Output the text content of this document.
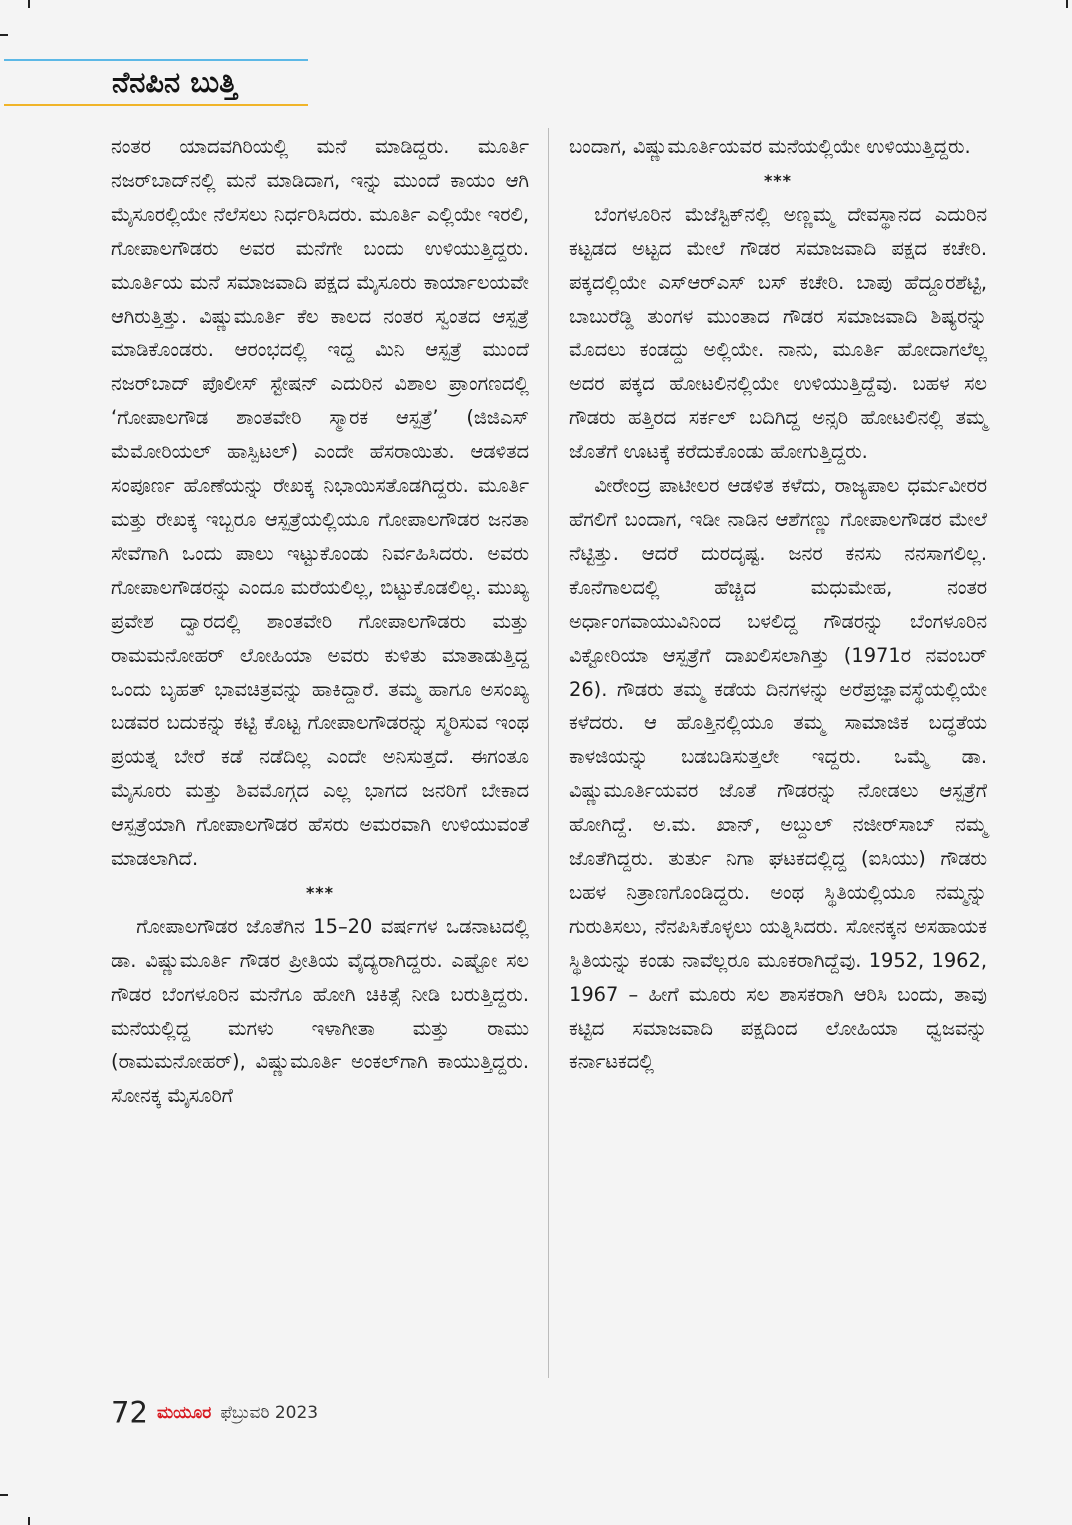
ನೆನಪಿನ ಬುತ್ತಿ

ನಂತರ ಯಾದವಗಿರಿಯಲ್ಲಿ ಮನೆ ಮಾಡಿದ್ದರು. ಮೂರ್ತಿ ನಜರ್‌ಬಾದ್‌ನಲ್ಲಿ ಮನೆ ಮಾಡಿದಾಗ, ಇನ್ನು ಮುಂದೆ ಕಾಯಂ ಆಗಿ ಮೈಸೂರಲ್ಲಿಯೇ ನೆಲೆಸಲು ನಿರ್ಧರಿಸಿದರು. ಮೂರ್ತಿ ಎಲ್ಲಿಯೇ ಇರಲಿ, ಗೋಪಾಲಗೌಡರು ಅವರ ಮನೆಗೇ ಬಂದು ಉಳಿಯುತ್ತಿದ್ದರು. ಮೂರ್ತಿಯ ಮನೆ ಸಮಾಜವಾದಿ ಪಕ್ಷದ ಮೈಸೂರು ಕಾರ್ಯಾಲಯವೇ ಆಗಿರುತ್ತಿತ್ತು. ವಿಷ್ಣುಮೂರ್ತಿ ಕೆಲ ಕಾಲದ ನಂತರ ಸ್ವಂತದ ಆಸ್ಪತ್ರೆ ಮಾಡಿಕೊಂಡರು. ಆರಂಭದಲ್ಲಿ ಇದ್ದ ಮಿನಿ ಆಸ್ಪತ್ರೆ ಮುಂದೆ ನಜರ್‌ಬಾದ್ ಪೊಲೀಸ್ ಸ್ಟೇಷನ್ ಎದುರಿನ ವಿಶಾಲ ಪ್ರಾಂಗಣದಲ್ಲಿ ‘ಗೋಪಾಲಗೌಡ ಶಾಂತವೇರಿ ಸ್ಮಾರಕ ಆಸ್ಪತ್ರೆ’ (ಜಿಜಿಎಸ್ ಮೆಮೋರಿಯಲ್ ಹಾಸ್ಪಿಟಲ್) ಎಂದೇ ಹೆಸರಾಯಿತು. ಆಡಳಿತದ ಸಂಪೂರ್ಣ ಹೊಣೆಯನ್ನು ರೇಖಕ್ಕ ನಿಭಾಯಿಸತೊಡಗಿದ್ದರು. ಮೂರ್ತಿ ಮತ್ತು ರೇಖಕ್ಕ ಇಬ್ಬರೂ ಆಸ್ಪತ್ರೆಯಲ್ಲಿಯೂ ಗೋಪಾಲಗೌಡರ ಜನತಾ ಸೇವೆಗಾಗಿ ಒಂದು ಪಾಲು ಇಟ್ಟುಕೊಂಡು ನಿರ್ವಹಿಸಿದರು. ಅವರು ಗೋಪಾಲಗೌಡರನ್ನು ಎಂದೂ ಮರೆಯಲಿಲ್ಲ, ಬಿಟ್ಟುಕೊಡಲಿಲ್ಲ. ಮುಖ್ಯ ಪ್ರವೇಶ ದ್ವಾರದಲ್ಲಿ ಶಾಂತವೇರಿ ಗೋಪಾಲಗೌಡರು ಮತ್ತು ರಾಮಮನೋಹರ್ ಲೋಹಿಯಾ ಅವರು ಕುಳಿತು ಮಾತಾಡುತ್ತಿದ್ದ ಒಂದು ಬೃಹತ್ ಭಾವಚಿತ್ರವನ್ನು ಹಾಕಿದ್ದಾರೆ. ತಮ್ಮ ಹಾಗೂ ಅಸಂಖ್ಯ ಬಡವರ ಬದುಕನ್ನು ಕಟ್ಟಿ ಕೊಟ್ಟ ಗೋಪಾಲಗೌಡರನ್ನು ಸ್ಮರಿಸುವ ಇಂಥ ಪ್ರಯತ್ನ ಬೇರೆ ಕಡೆ ನಡೆದಿಲ್ಲ ಎಂದೇ ಅನಿಸುತ್ತದೆ. ಈಗಂತೂ ಮೈಸೂರು ಮತ್ತು ಶಿವಮೊಗ್ಗದ ಎಲ್ಲ ಭಾಗದ ಜನರಿಗೆ ಬೇಕಾದ ಆಸ್ಪತ್ರೆಯಾಗಿ ಗೋಪಾಲಗೌಡರ ಹೆಸರು ಅಮರವಾಗಿ ಉಳಿಯುವಂತೆ ಮಾಡಲಾಗಿದೆ.

***

ಗೋಪಾಲಗೌಡರ ಜೊತೆಗಿನ 15–20 ವರ್ಷಗಳ ಒಡನಾಟದಲ್ಲಿ ಡಾ. ವಿಷ್ಣುಮೂರ್ತಿ ಗೌಡರ ಪ್ರೀತಿಯ ವೈದ್ಯರಾಗಿದ್ದರು. ಎಷ್ಟೋ ಸಲ ಗೌಡರ ಬೆಂಗಳೂರಿನ ಮನೆಗೂ ಹೋಗಿ ಚಿಕಿತ್ಸೆ ನೀಡಿ ಬರುತ್ತಿದ್ದರು. ಮನೆಯಲ್ಲಿದ್ದ ಮಗಳು ಇಳಾಗೀತಾ ಮತ್ತು ರಾಮು (ರಾಮಮನೋಹರ್), ವಿಷ್ಣುಮೂರ್ತಿ ಅಂಕಲ್‌ಗಾಗಿ ಕಾಯುತ್ತಿದ್ದರು. ಸೋನಕ್ಕ ಮೈಸೂರಿಗೆ

ಬಂದಾಗ, ವಿಷ್ಣುಮೂರ್ತಿಯವರ ಮನೆಯಲ್ಲಿಯೇ ಉಳಿಯುತ್ತಿದ್ದರು.

***

ಬೆಂಗಳೂರಿನ ಮೆಜೆಸ್ಟಿಕ್‌ನಲ್ಲಿ ಅಣ್ಣಮ್ಮ ದೇವಸ್ಥಾನದ ಎದುರಿನ ಕಟ್ಟಡದ ಅಟ್ಟದ ಮೇಲೆ ಗೌಡರ ಸಮಾಜವಾದಿ ಪಕ್ಷದ ಕಚೇರಿ. ಪಕ್ಕದಲ್ಲಿಯೇ ಎಸ್‌ಆರ್‌ಎಸ್ ಬಸ್ ಕಚೇರಿ. ಬಾಪು ಹೆದ್ದೂರಶೆಟ್ಟಿ, ಬಾಬುರೆಡ್ಡಿ ತುಂಗಳ ಮುಂತಾದ ಗೌಡರ ಸಮಾಜವಾದಿ ಶಿಷ್ಯರನ್ನು ಮೊದಲು ಕಂಡದ್ದು ಅಲ್ಲಿಯೇ. ನಾನು, ಮೂರ್ತಿ ಹೋದಾಗಲೆಲ್ಲ ಅದರ ಪಕ್ಕದ ಹೋಟಲಿನಲ್ಲಿಯೇ ಉಳಿಯುತ್ತಿದ್ದೆವು. ಬಹಳ ಸಲ ಗೌಡರು ಹತ್ತಿರದ ಸರ್ಕಲ್ ಬದಿಗಿದ್ದ ಅನ್ಸರಿ ಹೋಟಲಿನಲ್ಲಿ ತಮ್ಮ ಜೊತೆಗೆ ಊಟಕ್ಕೆ ಕರೆದುಕೊಂಡು ಹೋಗುತ್ತಿದ್ದರು.

ವೀರೇಂದ್ರ ಪಾಟೀಲರ ಆಡಳಿತ ಕಳೆದು, ರಾಜ್ಯಪಾಲ ಧರ್ಮವೀರರ ಹೆಗಲಿಗೆ ಬಂದಾಗ, ಇಡೀ ನಾಡಿನ ಆಶೆಗಣ್ಣು ಗೋಪಾಲಗೌಡರ ಮೇಲೆ ನೆಟ್ಟಿತ್ತು. ಆದರೆ ದುರದೃಷ್ಟ. ಜನರ ಕನಸು ನನಸಾಗಲಿಲ್ಲ. ಕೊನೆಗಾಲದಲ್ಲಿ ಹೆಚ್ಚಿದ ಮಧುಮೇಹ, ನಂತರ ಅರ್ಧಾಂಗವಾಯುವಿನಿಂದ ಬಳಲಿದ್ದ ಗೌಡರನ್ನು ಬೆಂಗಳೂರಿನ ವಿಕ್ಟೋರಿಯಾ ಆಸ್ಪತ್ರೆಗೆ ದಾಖಲಿಸಲಾಗಿತ್ತು (1971ರ ನವಂಬರ್ 26). ಗೌಡರು ತಮ್ಮ ಕಡೆಯ ದಿನಗಳನ್ನು ಅರೆಪ್ರಜ್ಞಾವಸ್ಥೆಯಲ್ಲಿಯೇ ಕಳೆದರು. ಆ ಹೊತ್ತಿನಲ್ಲಿಯೂ ತಮ್ಮ ಸಾಮಾಜಿಕ ಬದ್ಧತೆಯ ಕಾಳಜಿಯನ್ನು ಬಡಬಡಿಸುತ್ತಲೇ ಇದ್ದರು. ಒಮ್ಮೆ ಡಾ. ವಿಷ್ಣುಮೂರ್ತಿಯವರ ಜೊತೆ ಗೌಡರನ್ನು ನೋಡಲು ಆಸ್ಪತ್ರೆಗೆ ಹೋಗಿದ್ದೆ. ಅ.ಮ. ಖಾನ್, ಅಬ್ದುಲ್ ನಜೀರ್‌ಸಾಬ್ ನಮ್ಮ ಜೊತೆಗಿದ್ದರು. ತುರ್ತು ನಿಗಾ ಘಟಕದಲ್ಲಿದ್ದ (ಐಸಿಯು) ಗೌಡರು ಬಹಳ ನಿತ್ರಾಣಗೊಂಡಿದ್ದರು. ಅಂಥ ಸ್ಥಿತಿಯಲ್ಲಿಯೂ ನಮ್ಮನ್ನು ಗುರುತಿಸಲು, ನೆನಪಿಸಿಕೊಳ್ಳಲು ಯತ್ನಿಸಿದರು. ಸೋನಕ್ಕನ ಅಸಹಾಯಕ ಸ್ಥಿತಿಯನ್ನು ಕಂಡು ನಾವೆಲ್ಲರೂ ಮೂಕರಾಗಿದ್ದೆವು. 1952, 1962, 1967 – ಹೀಗೆ ಮೂರು ಸಲ ಶಾಸಕರಾಗಿ ಆರಿಸಿ ಬಂದು, ತಾವು ಕಟ್ಟಿದ ಸಮಾಜವಾದಿ ಪಕ್ಷದಿಂದ ಲೋಹಿಯಾ ಧ್ವಜವನ್ನು ಕರ್ನಾಟಕದಲ್ಲಿ

72 ಮಯೂರ ಫೆಬ್ರುವರಿ 2023
